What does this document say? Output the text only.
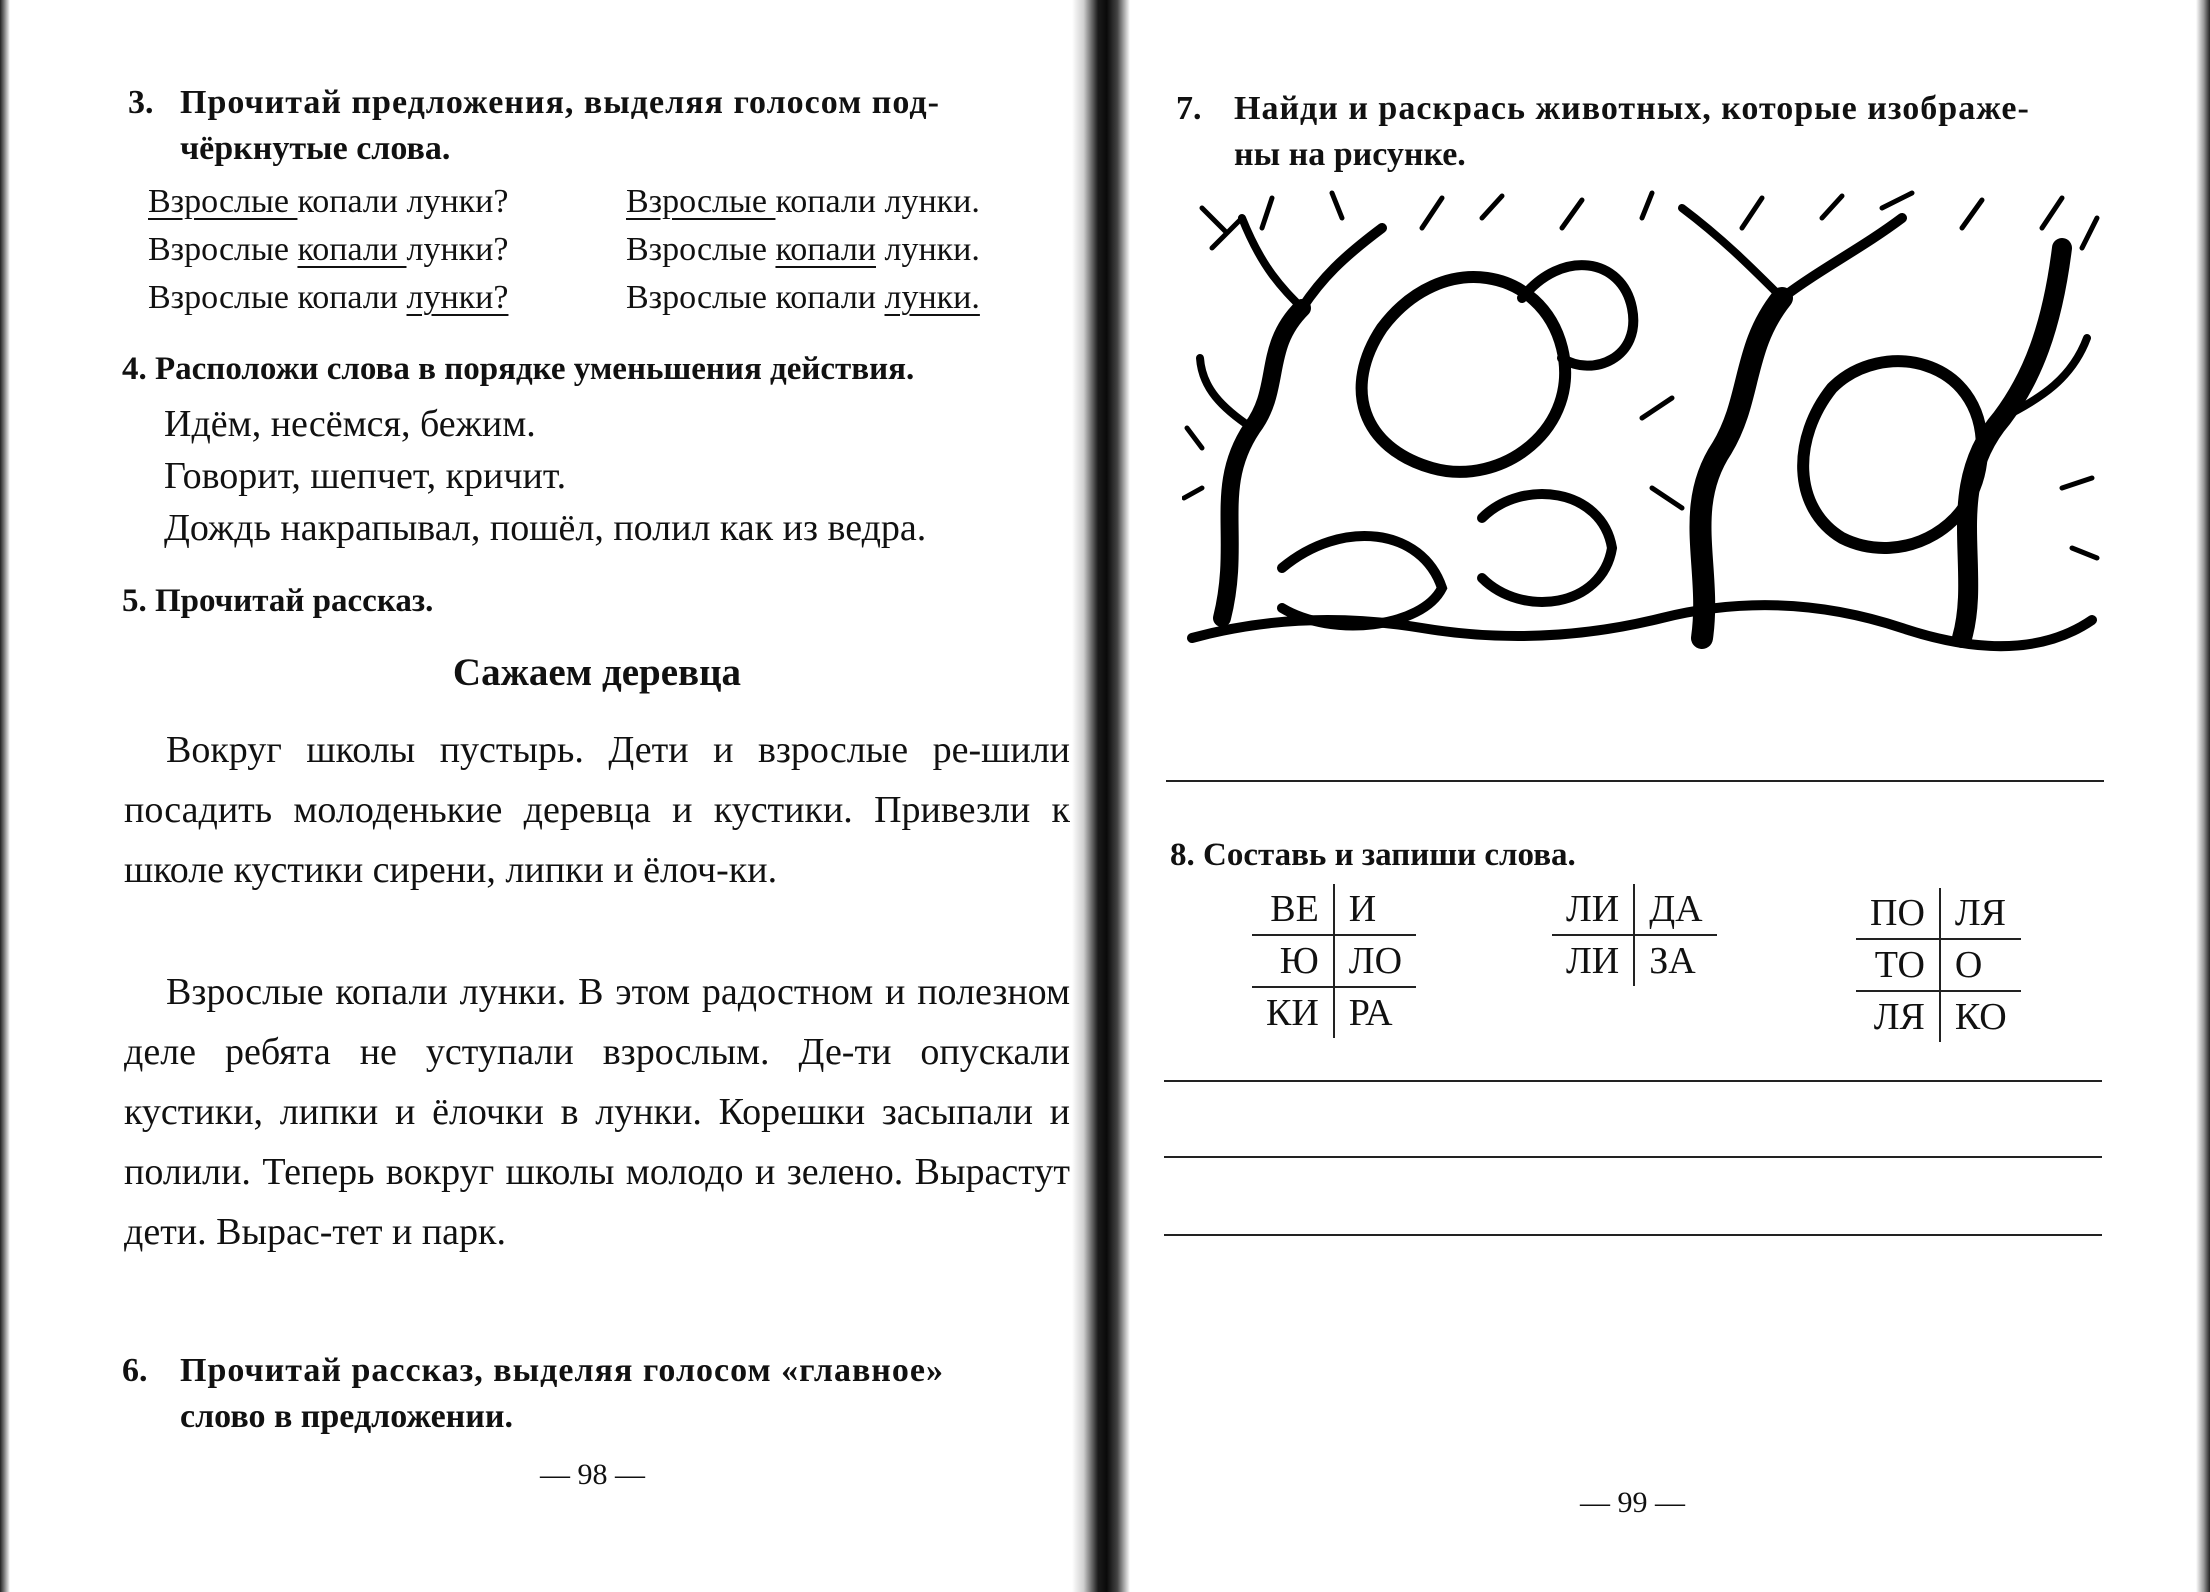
3. Прочитай предложения, выделяя голосом под-
чёркнутые слова.
Взрослые копали лунки?	Взрослые копали лунки.
Взрослые копали лунки?	Взрослые копали лунки.
Взрослые копали лунки?	Взрослые копали лунки.
4. Расположи слова в порядке уменьшения действия.
Идём, несёмся, бежим.
Говорит, шепчет, кричит.
Дождь накрапывал, пошёл, полил как из ведра.
5. Прочитай рассказ.
Сажаем деревца
Вокруг школы пустырь. Дети и взрослые ре-шили посадить молоденькие деревца и кустики. Привезли к школе кустики сирени, липки и ёлоч-ки.
Взрослые копали лунки. В этом радостном и полезном деле ребята не уступали взрослым. Де-ти опускали кустики, липки и ёлочки в лунки. Корешки засыпали и полили. Теперь вокруг школы молодо и зелено. Вырастут дети. Вырас-тет и парк.
6. Прочитай рассказ, выделяя голосом «главное»
слово в предложении.
— 98 —
7. Найди и раскрась животных, которые изображе-
ны на рисунке.
8. Составь и запиши слова.
ВЕ	И
Ю	ЛО
КИ	РА
ЛИ	ДА
ЛИ	ЗА
ПО	ЛЯ
ТО	О
ЛЯ	КО
— 99 —
